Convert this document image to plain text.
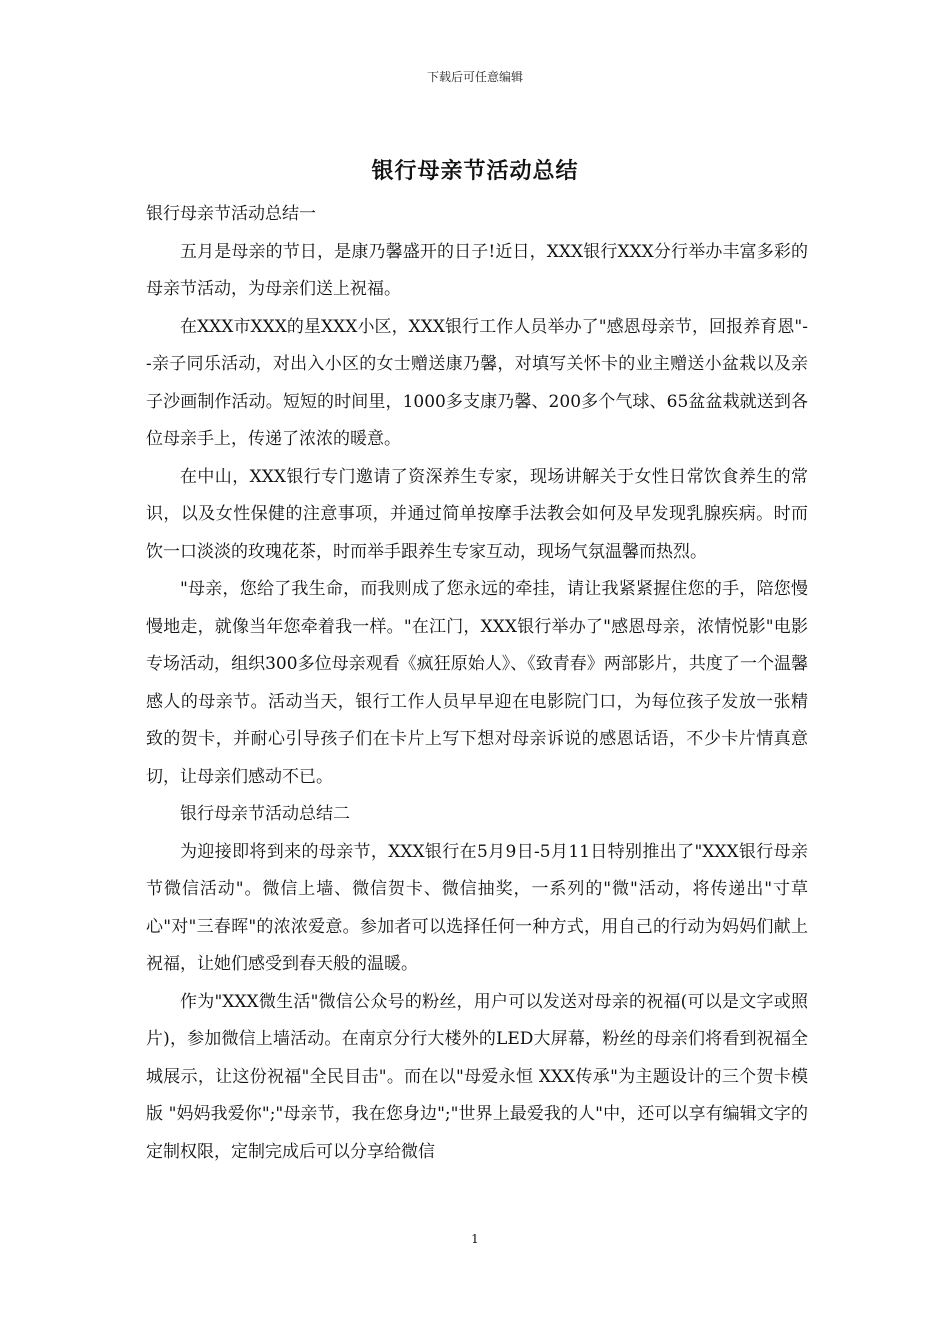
下载后可任意编辑
银行母亲节活动总结

银行母亲节活动总结一

五月是母亲的节日，是康乃馨盛开的日子!近日，XXX银行XXX分行举办丰富多彩的母亲节活动，为母亲们送上祝福。

在XXX市XXX的星XXX小区，XXX银行工作人员举办了"感恩母亲节，回报养育恩"--亲子同乐活动，对出入小区的女士赠送康乃馨，对填写关怀卡的业主赠送小盆栽以及亲子沙画制作活动。短短的时间里，1000多支康乃馨、200多个气球、65盆盆栽就送到各位母亲手上，传递了浓浓的暖意。

在中山，XXX银行专门邀请了资深养生专家，现场讲解关于女性日常饮食养生的常识，以及女性保健的注意事项，并通过简单按摩手法教会如何及早发现乳腺疾病。时而饮一口淡淡的玫瑰花茶，时而举手跟养生专家互动，现场气氛温馨而热烈。

"母亲，您给了我生命，而我则成了您永远的牵挂，请让我紧紧握住您的手，陪您慢慢地走，就像当年您牵着我一样。"在江门，XXX银行举办了"感恩母亲，浓情悦影"电影专场活动，组织300多位母亲观看《疯狂原始人》、《致青春》两部影片，共度了一个温馨感人的母亲节。活动当天，银行工作人员早早迎在电影院门口，为每位孩子发放一张精致的贺卡，并耐心引导孩子们在卡片上写下想对母亲诉说的感恩话语，不少卡片情真意切，让母亲们感动不已。

银行母亲节活动总结二

为迎接即将到来的母亲节，XXX银行在5月9日-5月11日特别推出了"XXX银行母亲节微信活动"。微信上墙、微信贺卡、微信抽奖，一系列的"微"活动，将传递出"寸草心"对"三春晖"的浓浓爱意。参加者可以选择任何一种方式，用自己的行动为妈妈们献上祝福，让她们感受到春天般的温暖。

作为"XXX微生活"微信公众号的粉丝，用户可以发送对母亲的祝福(可以是文字或照片)，参加微信上墙活动。在南京分行大楼外的LED大屏幕，粉丝的母亲们将看到祝福全城展示，让这份祝福"全民目击"。而在以"母爱永恒 XXX传承"为主题设计的三个贺卡模版 "妈妈我爱你";"母亲节，我在您身边";"世界上最爱我的人"中，还可以享有编辑文字的定制权限，定制完成后可以分享给微信

1
